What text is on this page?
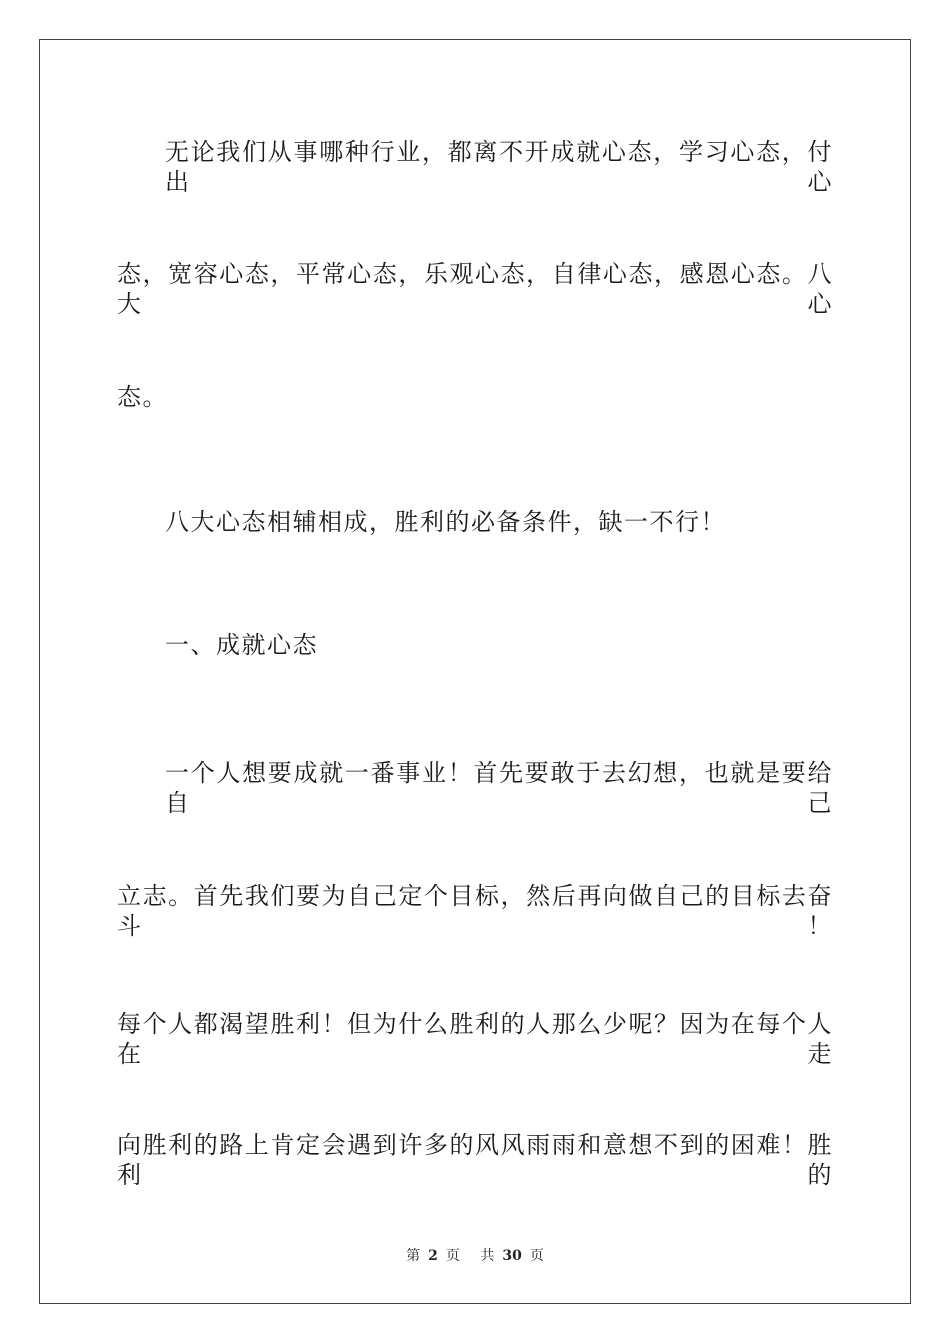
无论我们从事哪种行业，都离不开成就心态，学习心态，付出心
态，宽容心态，平常心态，乐观心态，自律心态，感恩心态。八大心
态。
八大心态相辅相成，胜利的必备条件，缺一不行！
一、成就心态
一个人想要成就一番事业！首先要敢于去幻想，也就是要给自己
立志。首先我们要为自己定个目标，然后再向做自己的目标去奋斗！
每个人都渴望胜利！但为什么胜利的人那么少呢？因为在每个人在走
向胜利的路上肯定会遇到许多的风风雨雨和意想不到的困难！胜利的
第 2 页 共 30 页
